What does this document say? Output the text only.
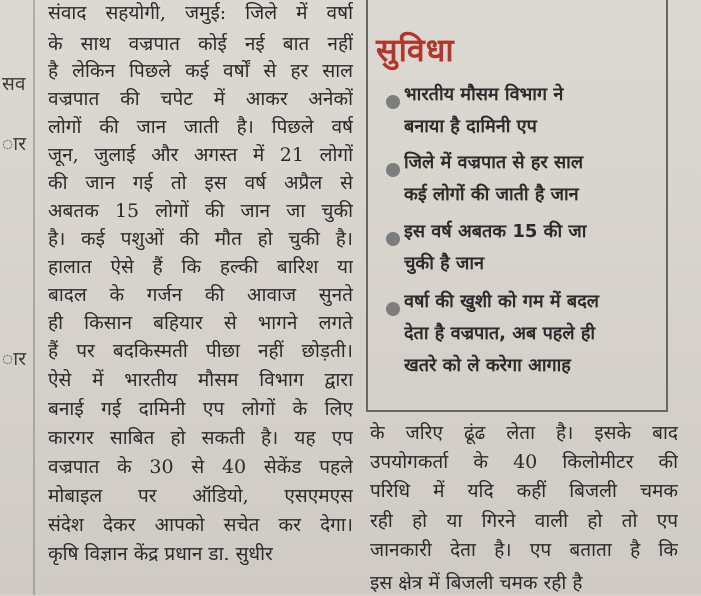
सव
ार
ार
संवाद सहयोगी, जमुई: जिले में वर्षा
के साथ वज्रपात कोई नई बात नहीं
है लेकिन पिछले कई वर्षों से हर साल
वज्रपात की चपेट में आकर अनेकों
लोगों की जान जाती है। पिछले वर्ष
जून, जुलाई और अगस्त में 21 लोगों
की जान गई तो इस वर्ष अप्रैल से
अबतक 15 लोगों की जान जा चुकी
है। कई पशुओं की मौत हो चुकी है।
हालात ऐसे हैं कि हल्की बारिश या
बादल के गर्जन की आवाज सुनते
ही किसान बहियार से भागने लगते
हैं पर बदकिस्मती पीछा नहीं छोड़ती।
ऐसे में भारतीय मौसम विभाग द्वारा
बनाई गई दामिनी एप लोगों के लिए
कारगर साबित हो सकती है। यह एप
वज्रपात के 30 से 40 सेकेंड पहले
मोबाइल पर ऑडियो, एसएमएस
संदेश देकर आपको सचेत कर देगा।
कृषि विज्ञान केंद्र प्रधान डा. सुधीर
सुविधा
भारतीय मौसम विभाग ने
बनाया है दामिनी एप
जिले में वज्रपात से हर साल
कई लोगों की जाती है जान
इस वर्ष अबतक 15 की जा
चुकी है जान
वर्षा की खुशी को गम में बदल
देता है वज्रपात, अब पहले ही
खतरे को ले करेगा आगाह
के जरिए ढूंढ लेता है। इसके बाद
उपयोगकर्ता के 40 किलोमीटर की
परिधि में यदि कहीं बिजली चमक
रही हो या गिरने वाली हो तो एप
जानकारी देता है। एप बताता है कि
इस क्षेत्र में बिजली चमक रही है
